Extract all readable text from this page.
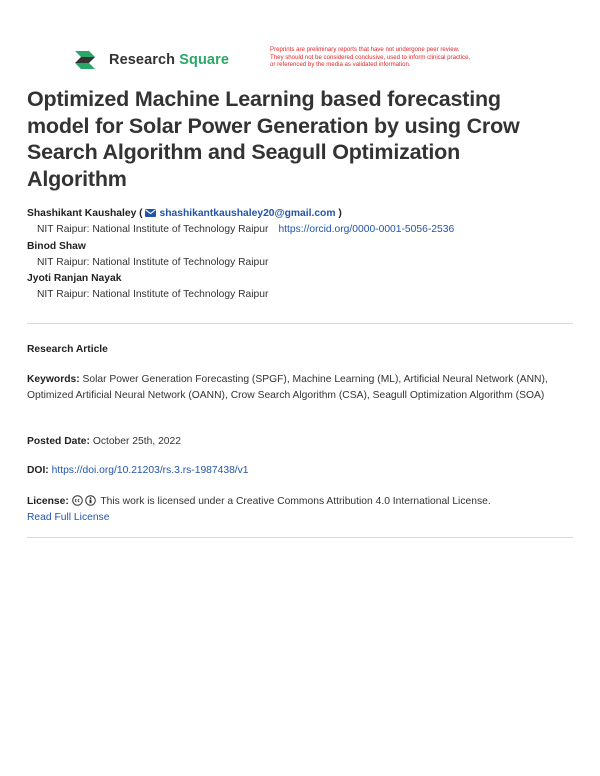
Research Square
Preprints are preliminary reports that have not undergone peer review.
They should not be considered conclusive, used to inform clinical practice,
or referenced by the media as validated information.
Optimized Machine Learning based forecasting
model for Solar Power Generation by using Crow
Search Algorithm and Seagull Optimization
Algorithm
Shashikant Kaushaley ( shashikantkaushaley20@gmail.com )
NIT Raipur: National Institute of Technology Raipur https://orcid.org/0000-0001-5056-2536
Binod Shaw
NIT Raipur: National Institute of Technology Raipur
Jyoti Ranjan Nayak
NIT Raipur: National Institute of Technology Raipur
Research Article
Keywords: Solar Power Generation Forecasting (SPGF), Machine Learning (ML), Artificial Neural Network (ANN), Optimized Artificial Neural Network (OANN), Crow Search Algorithm (CSA), Seagull Optimization Algorithm (SOA)
Posted Date: October 25th, 2022
DOI: https://doi.org/10.21203/rs.3.rs-1987438/v1
License:	This work is licensed under a Creative Commons Attribution 4.0 International License.
Read Full License
